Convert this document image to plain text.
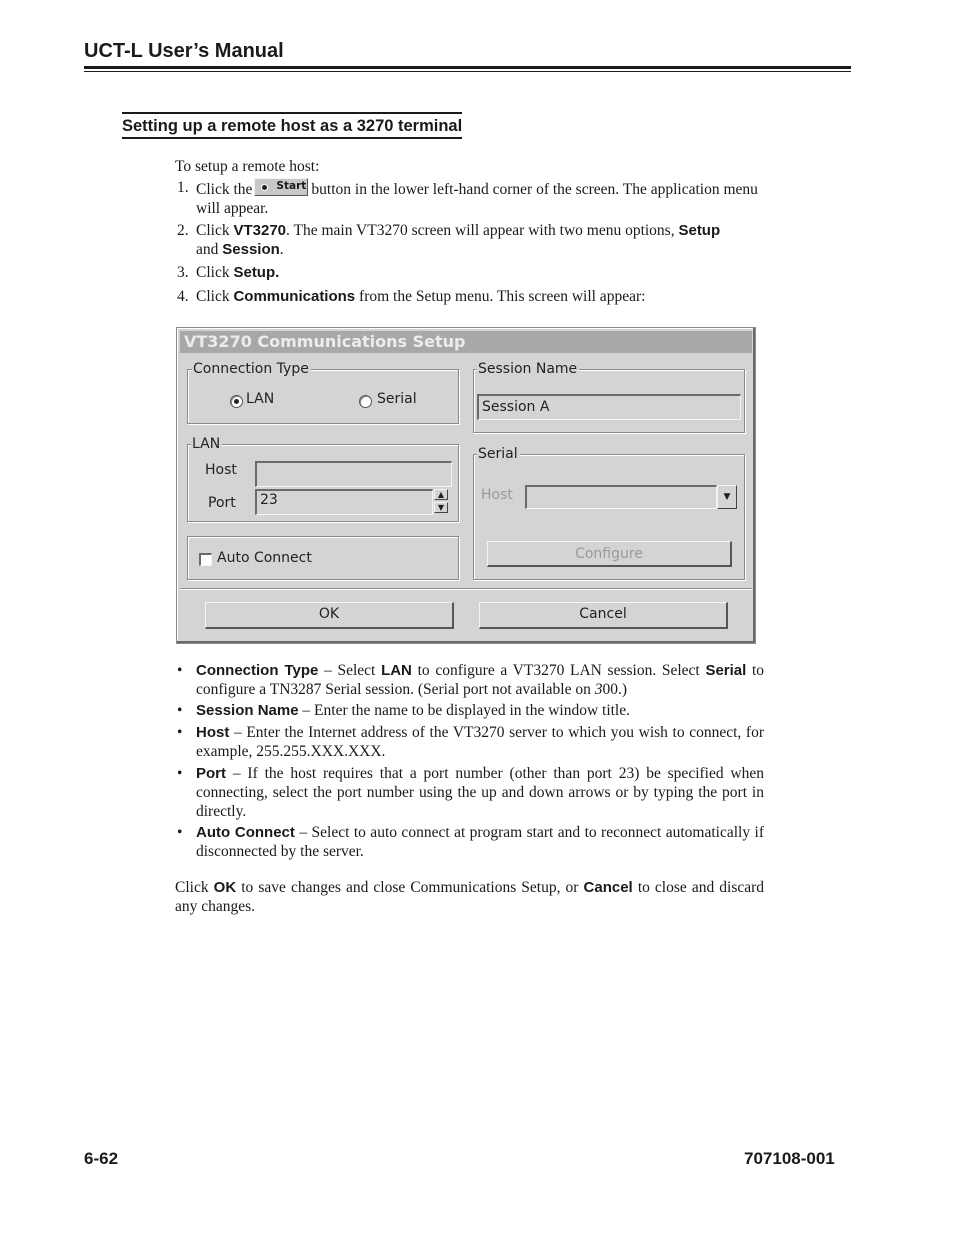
UCT-L User’s Manual
Setting up a remote host as a 3270 terminal
To setup a remote host:
1. Click the Start button in the lower left-hand corner of the screen. The application menu will appear.
2. Click VT3270. The main VT3270 screen will appear with two menu options, Setup
and Session.
3. Click Setup.
4. Click Communications from the Setup menu. This screen will appear:
VT3270 Communications Setup
Connection Type
LAN	Serial
Session Name
Session A
LAN
Host
Port	23	▲
▼
Serial
Host	▼
Configure
Auto Connect
OK	Cancel
• Connection Type – Select LAN to configure a VT3270 LAN session. Select Serial to configure a TN3287 Serial session. (Serial port not available on 300.)
• Session Name – Enter the name to be displayed in the window title.
• Host – Enter the Internet address of the VT3270 server to which you wish to connect, for example, 255.255.XXX.XXX.
• Port – If the host requires that a port number (other than port 23) be specified when connecting, select the port number using the up and down arrows or by typing the port in directly.
• Auto Connect – Select to auto connect at program start and to reconnect automatically if disconnected by the server.
Click OK to save changes and close Communications Setup, or Cancel to close and discard any changes.
6-62	707108-001
